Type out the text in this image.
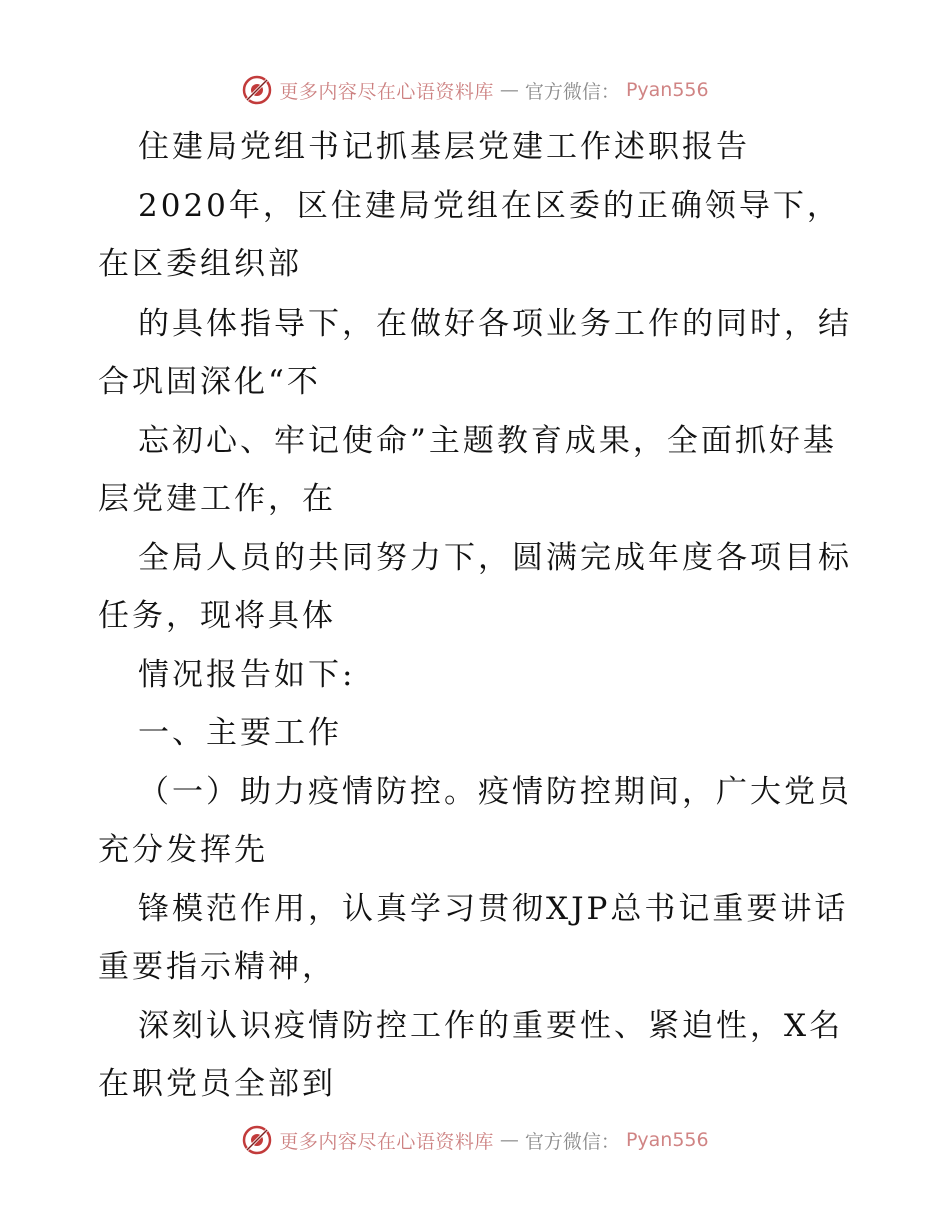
更多内容尽在心语资料库 — 官方微信： Pyan556
住建局党组书记抓基层党建工作述职报告
2020年，区住建局党组在区委的正确领导下，
在区委组织部
的具体指导下，在做好各项业务工作的同时，结
合巩固深化“不
忘初心、牢记使命”主题教育成果，全面抓好基
层党建工作，在
全局人员的共同努力下，圆满完成年度各项目标
任务，现将具体
情况报告如下:
一、主要工作
（一）助力疫情防控。疫情防控期间，广大党员
充分发挥先
锋模范作用，认真学习贯彻XJP总书记重要讲话
重要指示精神，
深刻认识疫情防控工作的重要性、紧迫性，X名
在职党员全部到
更多内容尽在心语资料库 — 官方微信： Pyan556
